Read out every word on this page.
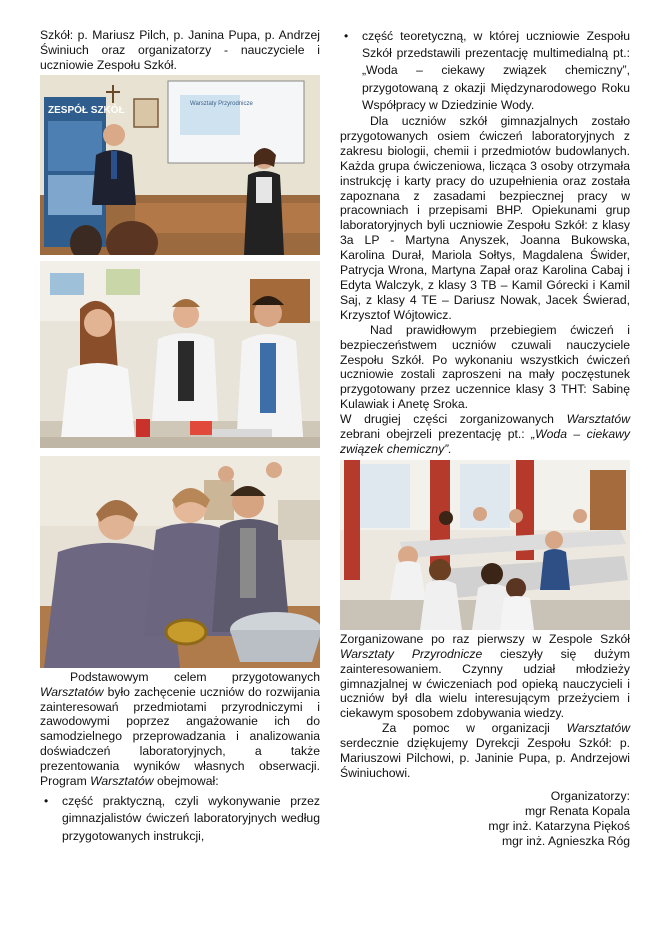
Szkół: p. Mariusz Pilch, p. Janina Pupa, p. Andrzej Świniuch oraz organizatorzy - nauczyciele i uczniowie Zespołu Szkół.

ZESPÓŁ SZKÓŁ
Warsztaty Przyrodnicze

Podstawowym celem przygotowanych Warsztatów było zachęcenie uczniów do rozwijania zainteresowań przedmiotami przyrodniczymi i zawodowymi poprzez angażowanie ich do samodzielnego przeprowadzania i analizowania doświadczeń laboratoryjnych, a także prezentowania wyników własnych obserwacji. Program Warsztatów obejmował:

• część praktyczną, czyli wykonywanie przez gimnazjalistów ćwiczeń laboratoryjnych według przygotowanych instrukcji,
• część teoretyczną, w której uczniowie Zespołu Szkół przedstawili prezentację multimedialną pt.: „Woda – ciekawy związek chemiczny”, przygotowaną z okazji Międzynarodowego Roku Współpracy w Dziedzinie Wody.

Dla uczniów szkół gimnazjalnych zostało przygotowanych osiem ćwiczeń laboratoryjnych z zakresu biologii, chemii i przedmiotów budowlanych. Każda grupa ćwiczeniowa, licząca 3 osoby otrzymała instrukcję i karty pracy do uzupełnienia oraz została zapoznana z zasadami bezpiecznej pracy w pracowniach i przepisami BHP. Opiekunami grup laboratoryjnych byli uczniowie Zespołu Szkół: z klasy 3a LP - Martyna Anyszek, Joanna Bukowska, Karolina Durał, Mariola Sołtys, Magdalena Świder, Patrycja Wrona, Martyna Zapał oraz Karolina Cabaj i Edyta Walczyk, z klasy 3 TB – Kamil Górecki i Kamil Saj, z klasy 4 TE – Dariusz Nowak, Jacek Świerad, Krzysztof Wójtowicz.

Nad prawidłowym przebiegiem ćwiczeń i bezpieczeństwem uczniów czuwali nauczyciele Zespołu Szkół. Po wykonaniu wszystkich ćwiczeń uczniowie zostali zaproszeni na mały poczęstunek przygotowany przez uczennice klasy 3 THT: Sabinę Kulawiak i Anetę Sroka.

W drugiej części zorganizowanych Warsztatów zebrani obejrzeli prezentację pt.: „Woda – ciekawy związek chemiczny”.

Zorganizowane po raz pierwszy w Zespole Szkół Warsztaty Przyrodnicze cieszyły się dużym zainteresowaniem. Czynny udział młodzieży gimnazjalnej w ćwiczeniach pod opieką nauczycieli i uczniów był dla wielu interesującym przeżyciem i ciekawym sposobem zdobywania wiedzy.

Za pomoc w organizacji Warsztatów serdecznie dziękujemy Dyrekcji Zespołu Szkół: p. Mariuszowi Pilchowi, p. Janinie Pupa, p. Andrzejowi Świniuchowi.

Organizatorzy:
mgr Renata Kopala
mgr inż. Katarzyna Piękoś
mgr inż. Agnieszka Róg
